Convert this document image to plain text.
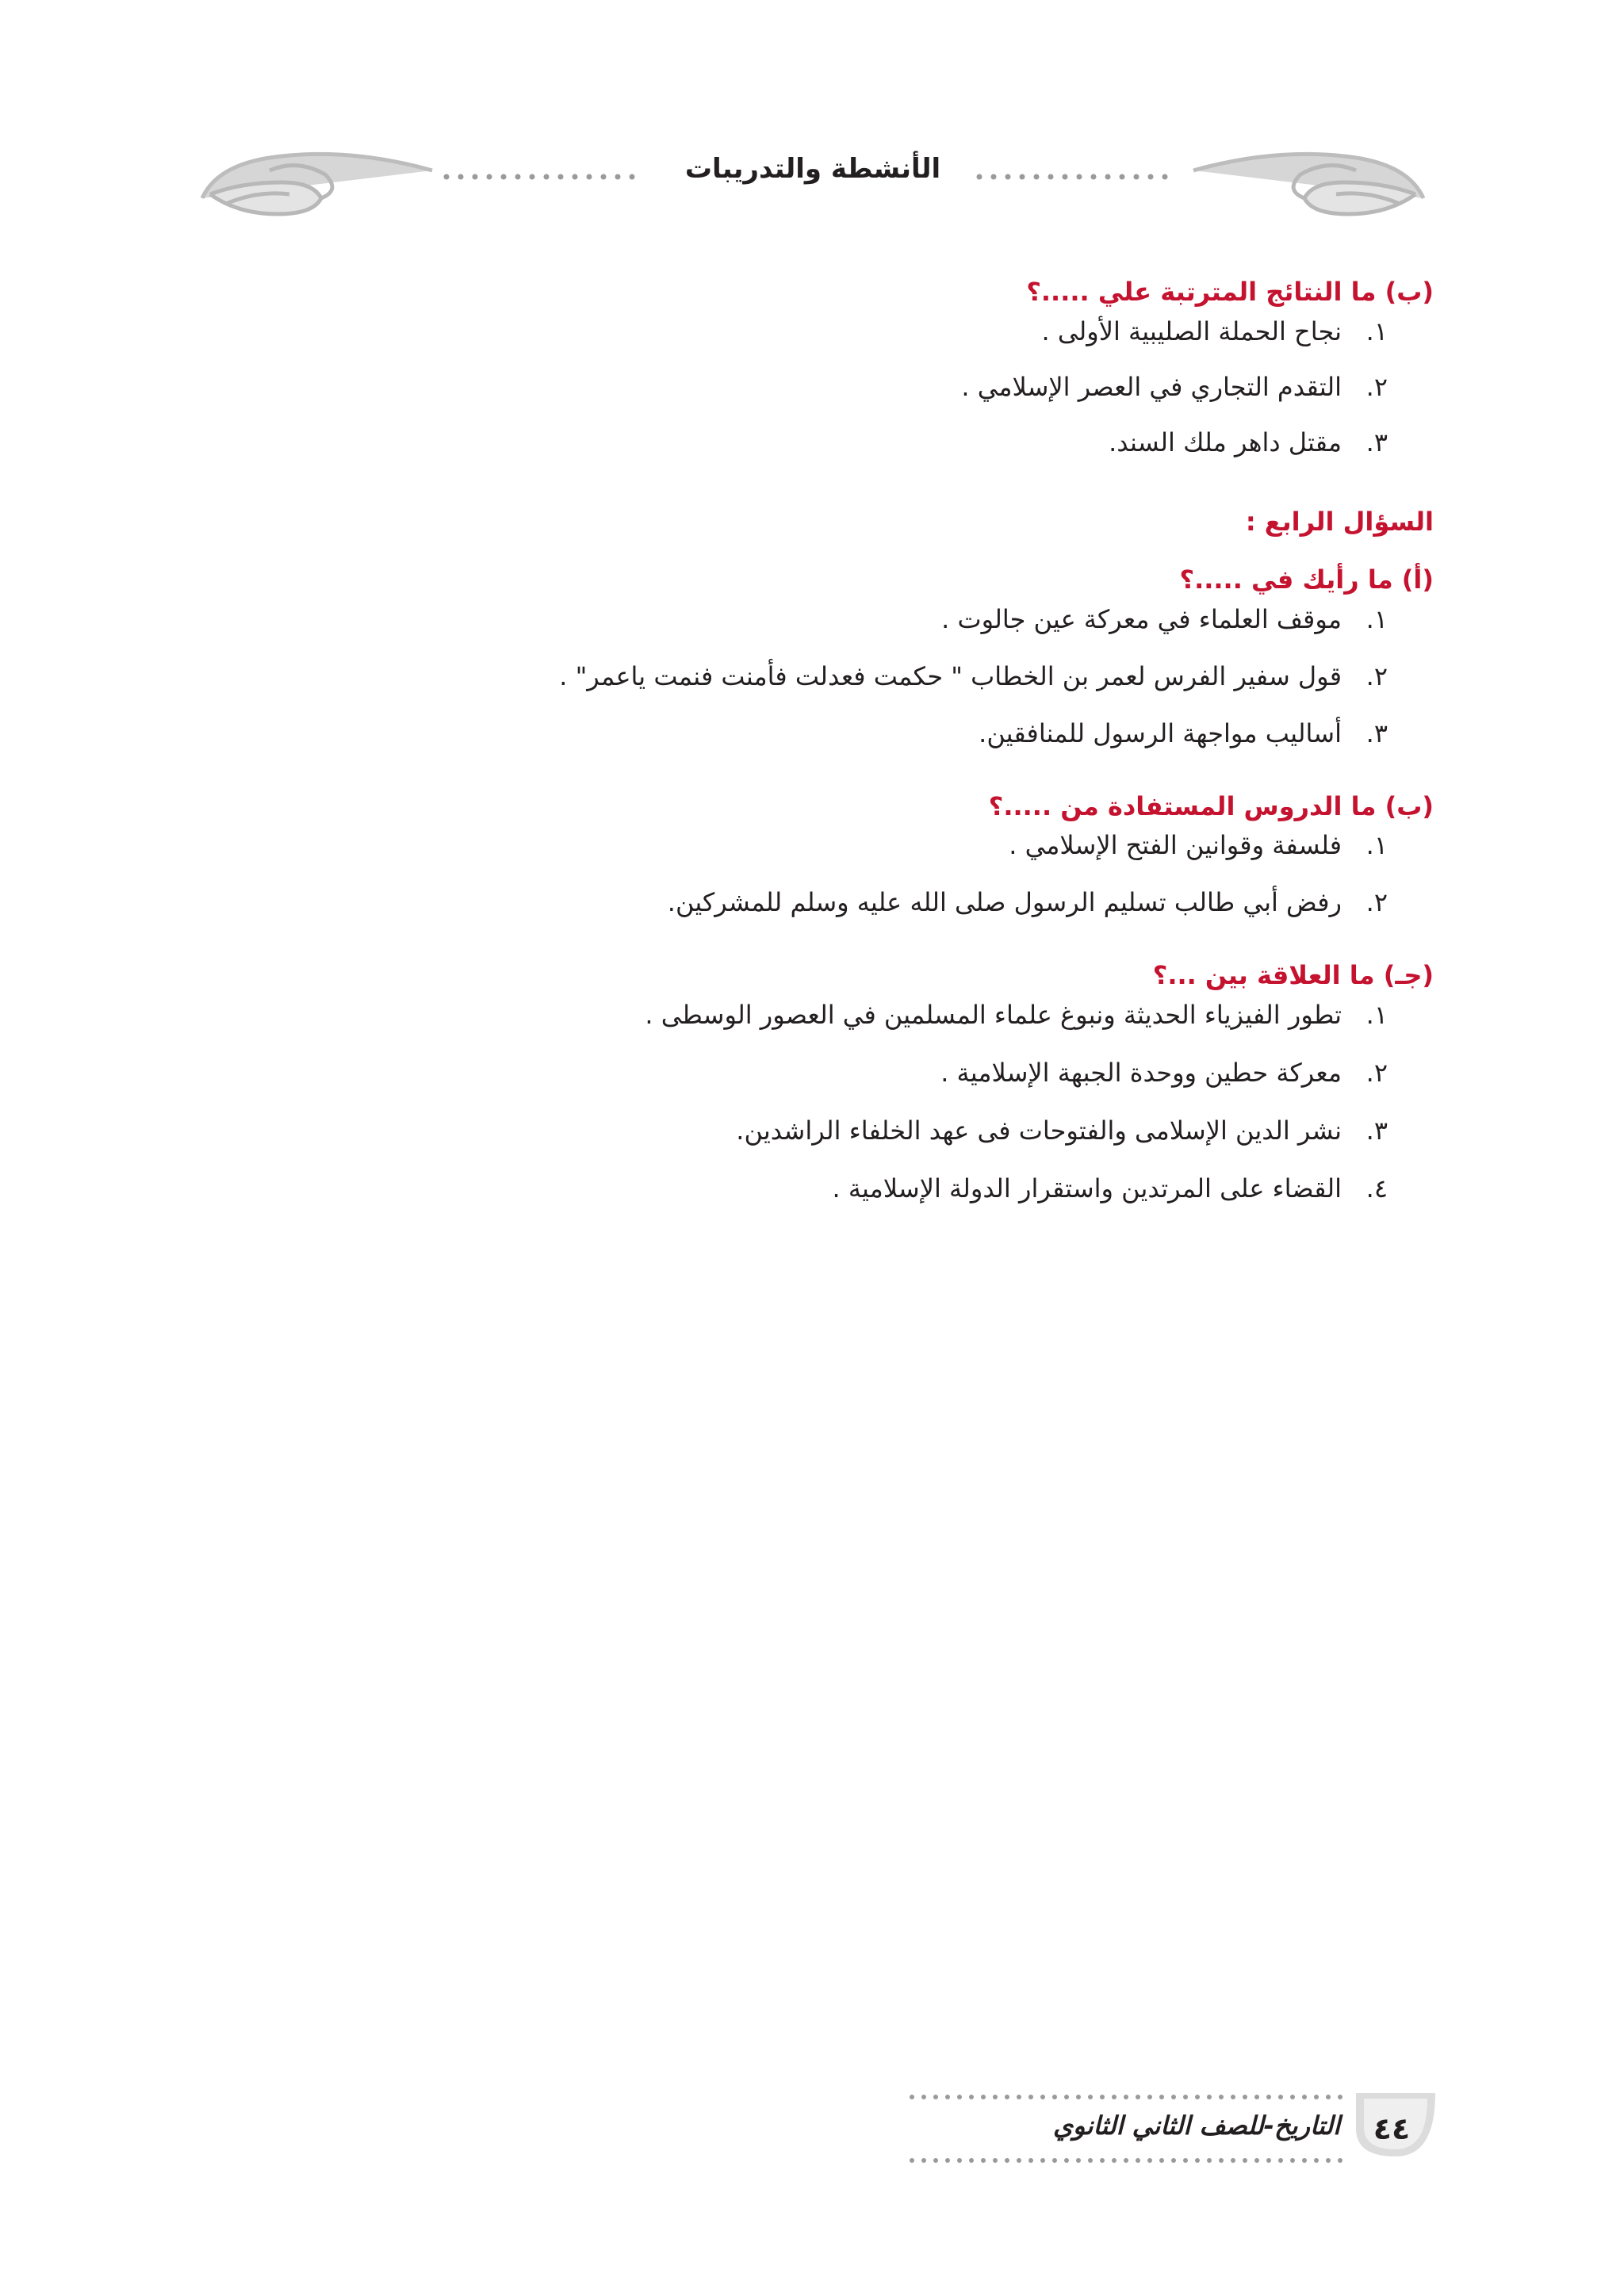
الأنشطة والتدريبات
(ب) ما النتائج المترتبة علي .....؟
١.
نجاح الحملة الصليبية الأولى .
٢.
التقدم التجاري في العصر الإسلامي .
٣.
مقتل داهر ملك السند.
السؤال الرابع :
(أ) ما رأيك في .....؟
١.
موقف العلماء في معركة عين جالوت .
٢.
قول سفير الفرس لعمر بن الخطاب " حكمت فعدلت فأمنت فنمت ياعمر" .
٣.
أساليب مواجهة الرسول للمنافقين.
(ب) ما الدروس المستفادة من .....؟
١.
فلسفة وقوانين الفتح الإسلامي .
٢.
رفض أبي طالب تسليم الرسول صلى الله عليه وسلم للمشركين.
(جـ) ما العلاقة بين ...؟
١.
تطور الفيزياء الحديثة ونبوغ علماء المسلمين في العصور الوسطى .
٢.
معركة حطين ووحدة الجبهة الإسلامية .
٣.
نشر الدين الإسلامى والفتوحات فى عهد الخلفاء الراشدين.
٤.
القضاء على المرتدين واستقرار الدولة الإسلامية .
التاريخ-للصف الثاني الثانوي	٤٤
